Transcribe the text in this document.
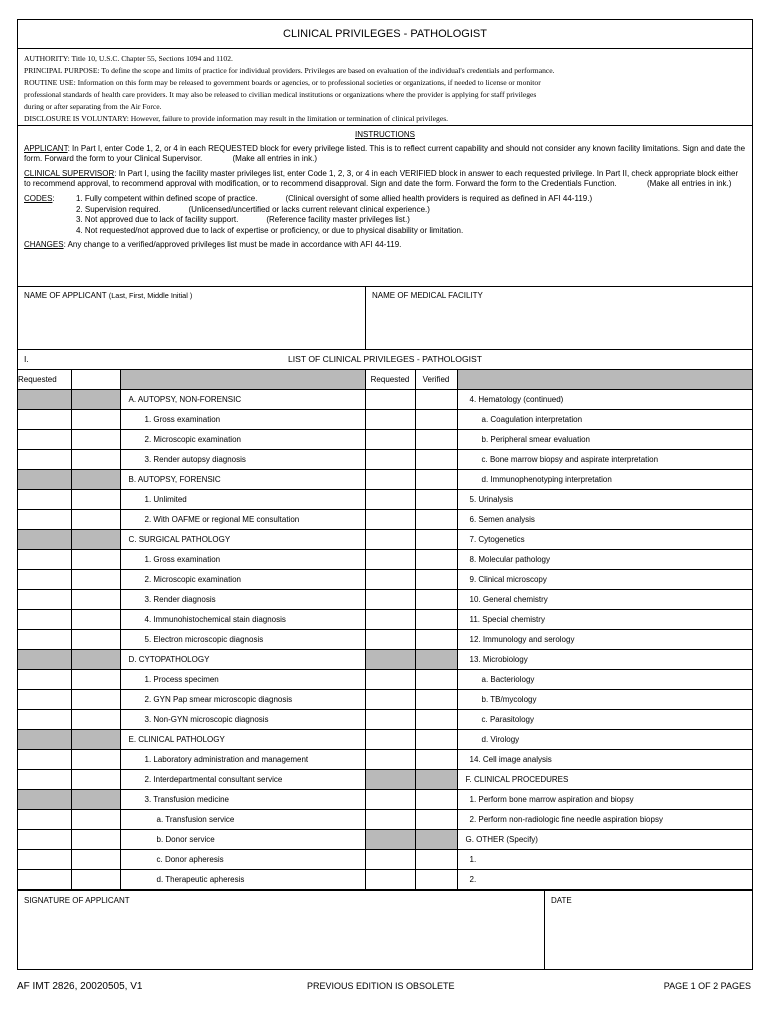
CLINICAL PRIVILEGES - PATHOLOGIST
AUTHORITY: Title 10, U.S.C. Chapter 55, Sections 1094 and 1102.
PRINCIPAL PURPOSE: To define the scope and limits of practice for individual providers. Privileges are based on evaluation of the individual's credentials and performance.
ROUTINE USE: Information on this form may be released to government boards or agencies, or to professional societies or organizations, if needed to license or monitor
professional standards of health care providers. It may also be released to civilian medical institutions or organizations where the provider is applying for staff privileges
during or after separating from the Air Force.
DISCLOSURE IS VOLUNTARY: However, failure to provide information may result in the limitation or termination of clinical privileges.
INSTRUCTIONS
APPLICANT: In Part I, enter Code 1, 2, or 4 in each REQUESTED block for every privilege listed. This is to reflect current capability and should not consider any known facility limitations. Sign and date the form. Forward the form to your Clinical Supervisor.	(Make all entries in ink.)
CLINICAL SUPERVISOR: In Part I, using the facility master privileges list, enter Code 1, 2, 3, or 4 in each VERIFIED block in answer to each requested privilege. In Part II, check appropriate block either to recommend approval, to recommend approval with modification, or to recommend disapproval. Sign and date the form. Forward the form to the Credentials Function.	(Make all entries in ink.)
CODES:	1. Fully competent within defined scope of practice.	(Clinical oversight of some allied health providers is required as defined in AFI 44-119.)
2. Supervision required.	(Unlicensed/uncertified or lacks current relevant clinical experience.)
3. Not approved due to lack of facility support.	(Reference facility master privileges list.)
4. Not requested/not approved due to lack of expertise or proficiency, or due to physical disability or limitation.
CHANGES: Any change to a verified/approved privileges list must be made in accordance with AFI 44-119.
NAME OF APPLICANT (Last, First, Middle Initial )	NAME OF MEDICAL FACILITY
I.	LIST OF CLINICAL PRIVILEGES - PATHOLOGIST
Requested			Requested	Verified	

		A. AUTOPSY, NON-FORENSIC			4. Hematology (continued)

		1. Gross examination			a. Coagulation interpretation

		2. Microscopic examination			b. Peripheral smear evaluation

		3. Render autopsy diagnosis			c. Bone marrow biopsy and aspirate interpretation

		B. AUTOPSY, FORENSIC			d. Immunophenotyping interpretation

		1. Unlimited			5. Urinalysis

		2. With OAFME or regional ME consultation			6. Semen analysis

		C. SURGICAL PATHOLOGY			7. Cytogenetics

		1. Gross examination			8. Molecular pathology

		2. Microscopic examination			9. Clinical microscopy

		3. Render diagnosis			10. General chemistry

		4. Immunohistochemical stain diagnosis			11. Special chemistry

		5. Electron microscopic diagnosis			12. Immunology and serology

		D. CYTOPATHOLOGY			13. Microbiology

		1. Process specimen			a. Bacteriology

		2. GYN Pap smear microscopic diagnosis			b. TB/mycology

		3. Non-GYN microscopic diagnosis			c. Parasitology

		E. CLINICAL PATHOLOGY			d. Virology

		1. Laboratory administration and management			14. Cell image analysis

		2. Interdepartmental consultant service			F. CLINICAL PROCEDURES

		3. Transfusion medicine			1. Perform bone marrow aspiration and biopsy

		a. Transfusion service			2. Perform non-radiologic fine needle aspiration biopsy

		b. Donor service			G. OTHER (Specify)

		c. Donor apheresis			1.

		d. Therapeutic apheresis			2.
SIGNATURE OF APPLICANT	DATE
AF IMT 2826, 20020505, V1	PREVIOUS EDITION IS OBSOLETE	PAGE 1 OF 2 PAGES
